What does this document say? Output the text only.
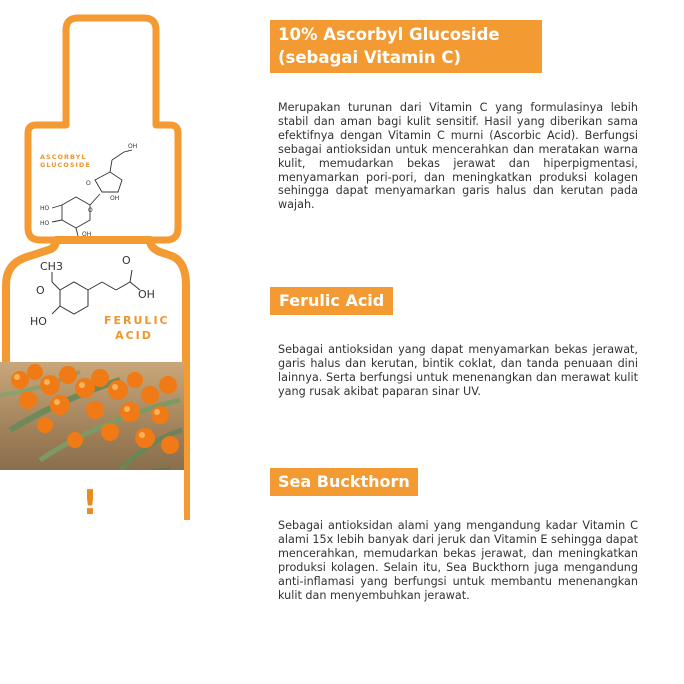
OH
O
OH
HO	O
HO
OH
CH3
O
O
OH
HO
ASCORBYL GLUCOSIDE
FERULIC
ACID
!
10% Ascorbyl Glucoside
(sebagai Vitamin C)
Merupakan turunan dari Vitamin C yang formulasinya lebih stabil dan aman bagi kulit sensitif. Hasil yang diberikan sama efektifnya dengan Vitamin C murni (Ascorbic Acid). Berfungsi sebagai antioksidan untuk mencerahkan dan meratakan warna kulit, memudarkan bekas jerawat dan hiperpigmentasi, menyamarkan pori-pori, dan meningkatkan produksi kolagen sehingga dapat menyamarkan garis halus dan kerutan pada wajah.
Ferulic Acid
Sebagai antioksidan yang dapat menyamarkan bekas jerawat, garis halus dan kerutan, bintik coklat, dan tanda penuaan dini lainnya. Serta berfungsi untuk menenangkan dan merawat kulit yang rusak akibat paparan sinar UV.
Sea Buckthorn
Sebagai antioksidan alami yang mengandung kadar Vitamin C alami 15x lebih banyak dari jeruk dan Vitamin E sehingga dapat mencerahkan, memudarkan bekas jerawat, dan meningkatkan produksi kolagen. Selain itu, Sea Buckthorn juga mengandung anti-inflamasi yang berfungsi untuk membantu menenangkan kulit dan menyembuhkan jerawat.
